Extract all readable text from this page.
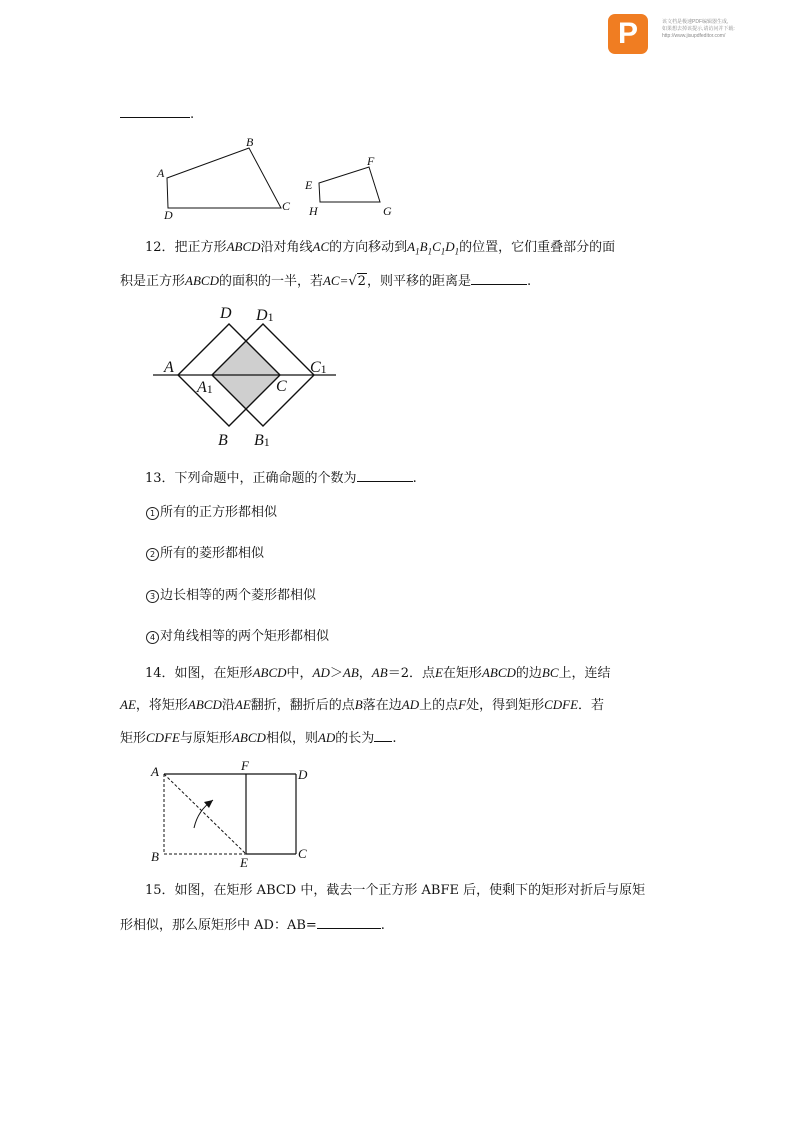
P	该文档是极速PDF编辑器生成,
如果想去掉该提示,请访问并下载:
http://www.jisupdfeditor.com/
.
A
B
C
D
E
F
G
H
12．把正方形ABCD沿对角线AC的方向移动到$A_1B_1C_1D_1$的位置，它们重叠部分的面
积是正方形ABCD的面积的一半，若AC=√2，则平移的距离是	.
D D1
A
A1	C
C1
B B1
13．下列命题中，正确命题的个数为	.
1 所有的正方形都相似
2 所有的菱形都相似
3 边长相等的两个菱形都相似
4 对角线相等的两个矩形都相似
14．如图，在矩形ABCD中，AD＞AB，AB＝2．点E在矩形ABCD的边BC上，连结
AE，将矩形ABCD沿AE翻折，翻折后的点B落在边AD上的点F处，得到矩形CDFE．若
矩形CDFE与原矩形ABCD相似，则AD的长为 .
A	F
D
B	E
C
15．如图，在矩形 ABCD 中，截去一个正方形 ABFE 后，使剩下的矩形对折后与原矩
形相似，那么原矩形中 AD：AB=	.
